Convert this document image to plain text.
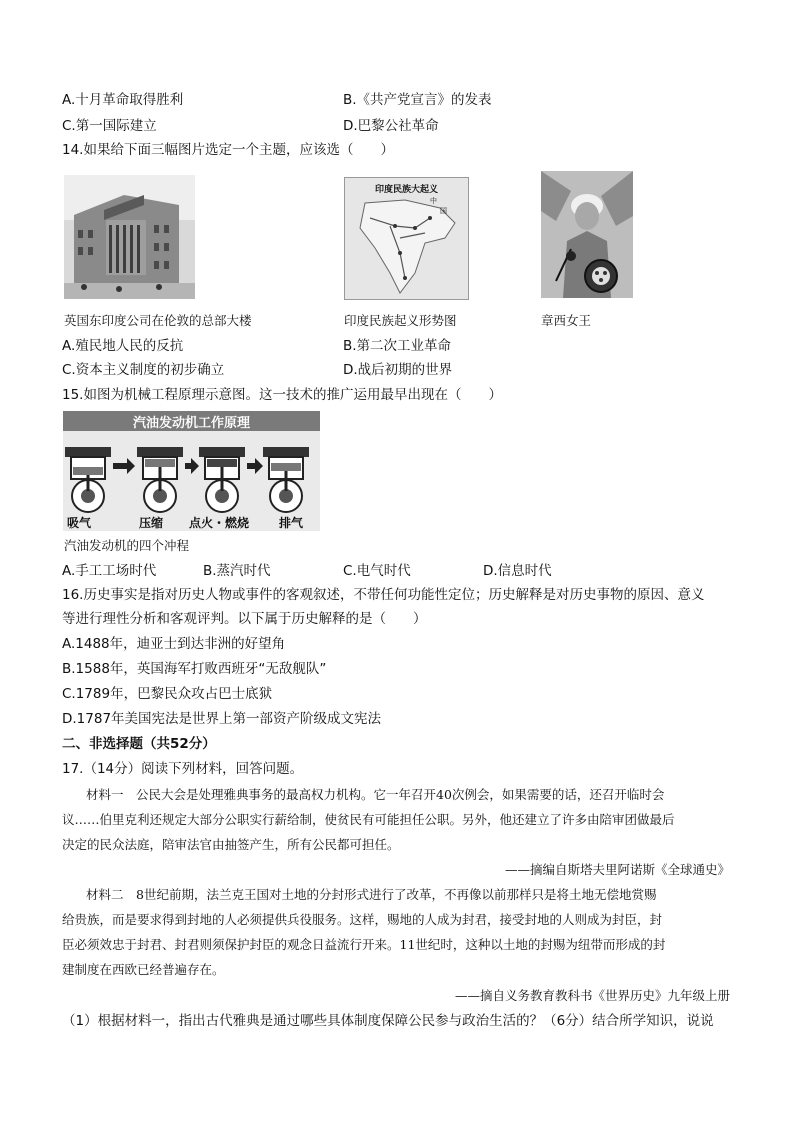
A.十月革命取得胜利	B.《共产党宣言》的发表
C.第一国际建立	D.巴黎公社革命
14.如果给下面三幅图片选定一个主题，应该选（　　）
印度民族大起义
中
国
英国东印度公司在伦敦的总部大楼	印度民族起义形势图	章西女王
A.殖民地人民的反抗	B.第二次工业革命
C.资本主义制度的初步确立	D.战后初期的世界
15.如图为机械工程原理示意图。这一技术的推广运用最早出现在（　　）
汽油发动机工作原理
吸气	压缩 点火・燃烧 排气
汽油发动机的四个冲程
A.手工工场时代	B.蒸汽时代	C.电气时代	D.信息时代
16.历史事实是指对历史人物或事件的客观叙述，不带任何功能性定位；历史解释是对历史事物的原因、意义
等进行理性分析和客观评判。以下属于历史解释的是（　　）
A.1488年，迪亚士到达非洲的好望角
B.1588年，英国海军打败西班牙“无敌舰队”
C.1789年，巴黎民众攻占巴士底狱
D.1787年美国宪法是世界上第一部资产阶级成文宪法
二、非选择题（共52分）
17.（14分）阅读下列材料，回答问题。
材料一　公民大会是处理雅典事务的最高权力机构。它一年召开40次例会，如果需要的话，还召开临时会
议……伯里克利还规定大部分公职实行薪给制，使贫民有可能担任公职。另外，他还建立了许多由陪审团做最后
决定的民众法庭，陪审法官由抽签产生，所有公民都可担任。
——摘编自斯塔夫里阿诺斯《全球通史》
材料二　8世纪前期，法兰克王国对土地的分封形式进行了改革，不再像以前那样只是将土地无偿地赏赐
给贵族，而是要求得到封地的人必须提供兵役服务。这样，赐地的人成为封君，接受封地的人则成为封臣，封
臣必须效忠于封君、封君则须保护封臣的观念日益流行开来。11世纪时，这种以土地的封赐为纽带而形成的封
建制度在西欧已经普遍存在。
——摘自义务教育教科书《世界历史》九年级上册
（1）根据材料一，指出古代雅典是通过哪些具体制度保障公民参与政治生活的？（6分）结合所学知识，说说
